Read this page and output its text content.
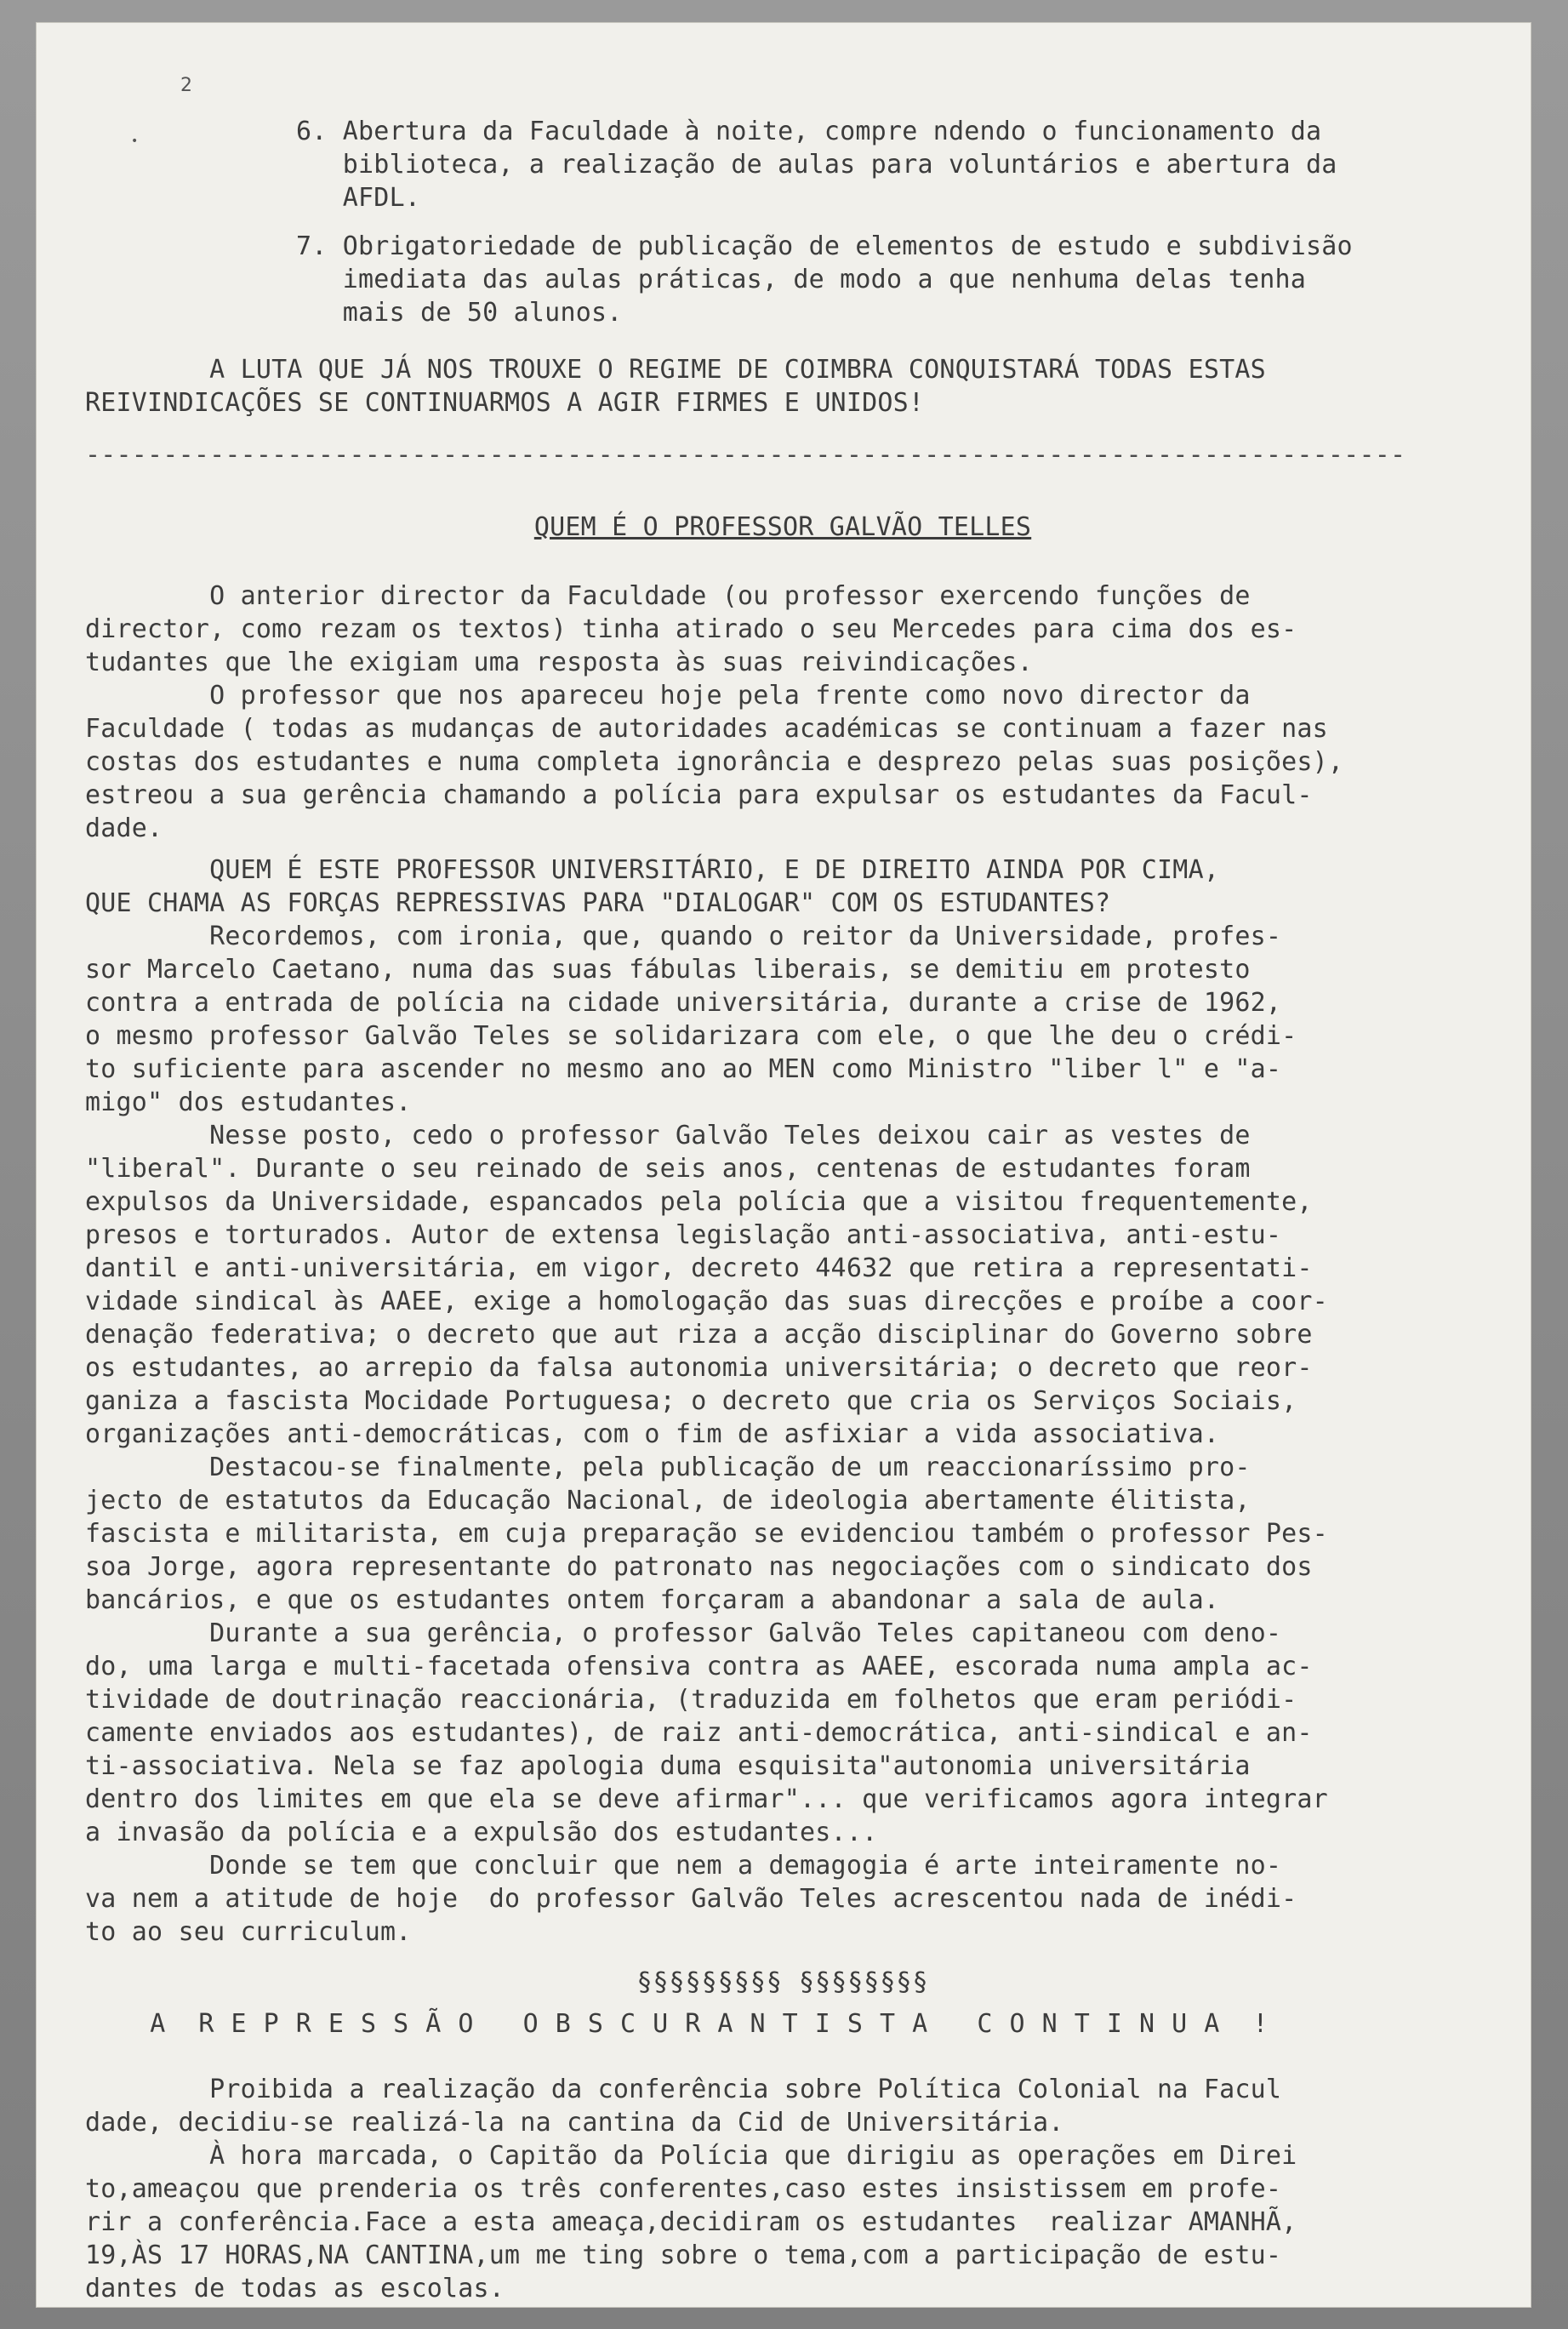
2
•	6. Abertura da Faculdade à noite, compre ndendo o funcionamento da
biblioteca, a realização de aulas para voluntários e abertura da
AFDL.
7. Obrigatoriedade de publicação de elementos de estudo e subdivisão
imediata das aulas práticas, de modo a que nenhuma delas tenha
mais de 50 alunos.
A LUTA QUE JÁ NOS TROUXE O REGIME DE COIMBRA CONQUISTARÁ TODAS ESTAS
REIVINDICAÇÕES SE CONTINUARMOS A AGIR FIRMES E UNIDOS!
-------------------------------------------------------------------------------------
QUEM É O PROFESSOR GALVÃO TELLES
O anterior director da Faculdade (ou professor exercendo funções de
director, como rezam os textos) tinha atirado o seu Mercedes para cima dos es-
tudantes que lhe exigiam uma resposta às suas reivindicações.
O professor que nos apareceu hoje pela frente como novo director da
Faculdade ( todas as mudanças de autoridades académicas se continuam a fazer nas
costas dos estudantes e numa completa ignorância e desprezo pelas suas posições),
estreou a sua gerência chamando a polícia para expulsar os estudantes da Facul-
dade.
QUEM É ESTE PROFESSOR UNIVERSITÁRIO, E DE DIREITO AINDA POR CIMA,
QUE CHAMA AS FORÇAS REPRESSIVAS PARA "DIALOGAR" COM OS ESTUDANTES?
Recordemos, com ironia, que, quando o reitor da Universidade, profes-
sor Marcelo Caetano, numa das suas fábulas liberais, se demitiu em protesto
contra a entrada de polícia na cidade universitária, durante a crise de 1962,
o mesmo professor Galvão Teles se solidarizara com ele, o que lhe deu o crédi-
to suficiente para ascender no mesmo ano ao MEN como Ministro "liber l" e "a-
migo" dos estudantes.
Nesse posto, cedo o professor Galvão Teles deixou cair as vestes de
"liberal". Durante o seu reinado de seis anos, centenas de estudantes foram
expulsos da Universidade, espancados pela polícia que a visitou frequentemente,
presos e torturados. Autor de extensa legislação anti-associativa, anti-estu-
dantil e anti-universitária, em vigor, decreto 44632 que retira a representati-
vidade sindical às AAEE, exige a homologação das suas direcções e proíbe a coor-
denação federativa; o decreto que aut riza a acção disciplinar do Governo sobre
os estudantes, ao arrepio da falsa autonomia universitária; o decreto que reor-
ganiza a fascista Mocidade Portuguesa; o decreto que cria os Serviços Sociais,
organizações anti-democráticas, com o fim de asfixiar a vida associativa.
Destacou-se finalmente, pela publicação de um reaccionaríssimo pro-
jecto de estatutos da Educação Nacional, de ideologia abertamente élitista,
fascista e militarista, em cuja preparação se evidenciou também o professor Pes-
soa Jorge, agora representante do patronato nas negociações com o sindicato dos
bancários, e que os estudantes ontem forçaram a abandonar a sala de aula.
Durante a sua gerência, o professor Galvão Teles capitaneou com deno-
do, uma larga e multi-facetada ofensiva contra as AAEE, escorada numa ampla ac-
tividade de doutrinação reaccionária, (traduzida em folhetos que eram periódi-
camente enviados aos estudantes), de raiz anti-democrática, anti-sindical e an-
ti-associativa. Nela se faz apologia duma esquisita"autonomia universitária
dentro dos limites em que ela se deve afirmar"... que verificamos agora integrar
a invasão da polícia e a expulsão dos estudantes...
Donde se tem que concluir que nem a demagogia é arte inteiramente no-
va nem a atitude de hoje  do professor Galvão Teles acrescentou nada de inédi-
to ao seu curriculum.
§§§§§§§§§ §§§§§§§§
A  R E P R E S S Ã O   O B S C U R A N T I S T A   C O N T I N U A  !
Proibida a realização da conferência sobre Política Colonial na Facul
dade, decidiu-se realizá-la na cantina da Cid de Universitária.
À hora marcada, o Capitão da Polícia que dirigiu as operações em Direi
to,ameaçou que prenderia os três conferentes,caso estes insistissem em profe-
rir a conferência.Face a esta ameaça,decidiram os estudantes  realizar AMANHÃ,
19,ÀS 17 HORAS,NA CANTINA,um me ting sobre o tema,com a participação de estu-
dantes de todas as escolas.
